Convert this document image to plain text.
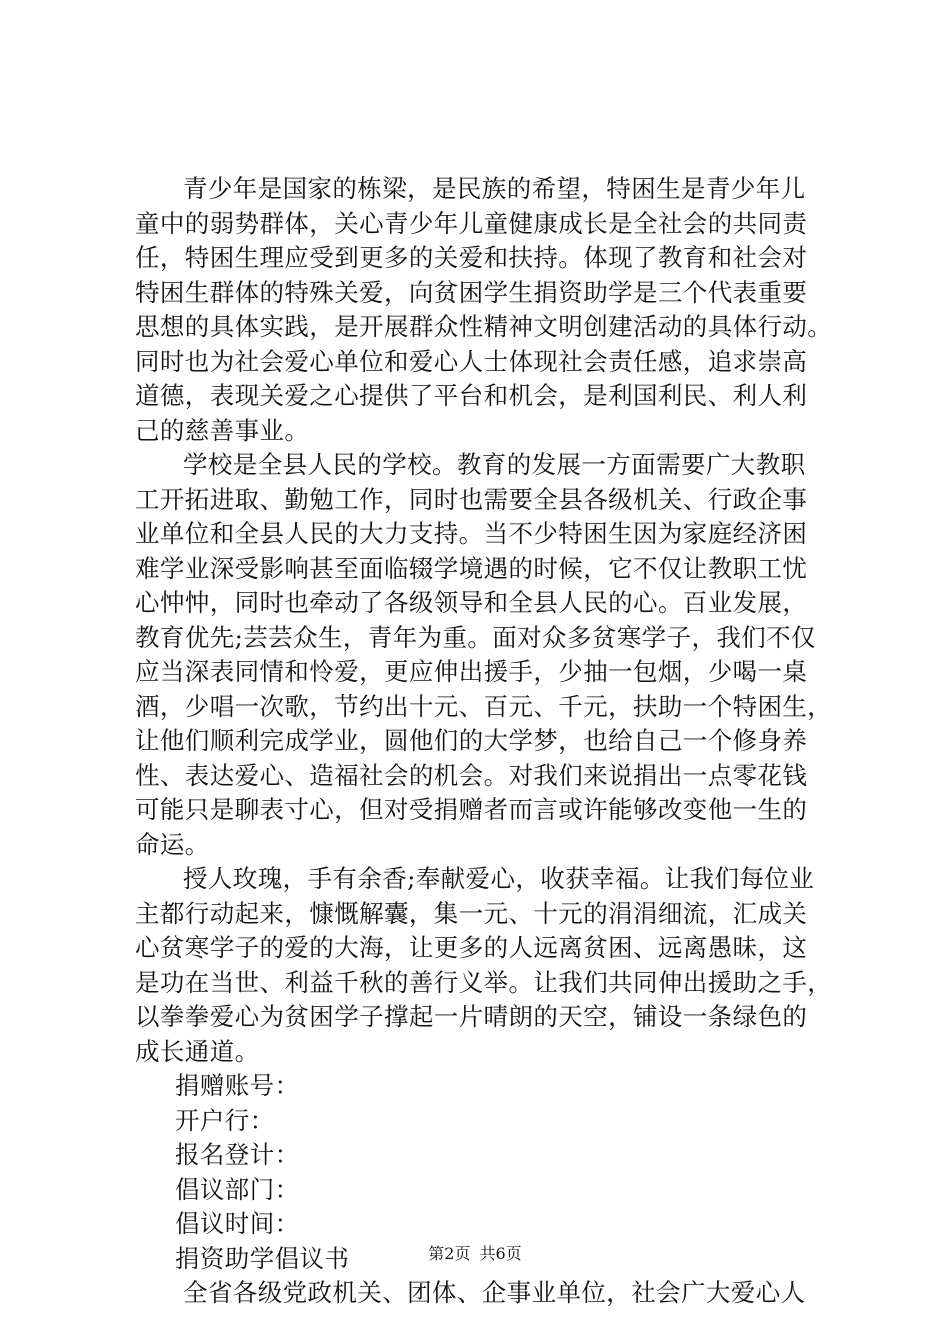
青少年是国家的栋梁，是民族的希望，特困生是青少年儿
童中的弱势群体，关心青少年儿童健康成长是全社会的共同责
任，特困生理应受到更多的关爱和扶持。体现了教育和社会对
特困生群体的特殊关爱，向贫困学生捐资助学是三个代表重要
思想的具体实践，是开展群众性精神文明创建活动的具体行动。
同时也为社会爱心单位和爱心人士体现社会责任感，追求崇高
道德，表现关爱之心提供了平台和机会，是利国利民、利人利
己的慈善事业。
学校是全县人民的学校。教育的发展一方面需要广大教职
工开拓进取、勤勉工作，同时也需要全县各级机关、行政企事
业单位和全县人民的大力支持。当不少特困生因为家庭经济困
难学业深受影响甚至面临辍学境遇的时候，它不仅让教职工忧
心忡忡，同时也牵动了各级领导和全县人民的心。百业发展，
教育优先;芸芸众生，青年为重。面对众多贫寒学子，我们不仅
应当深表同情和怜爱，更应伸出援手，少抽一包烟，少喝一桌
酒，少唱一次歌，节约出十元、百元、千元，扶助一个特困生，
让他们顺利完成学业，圆他们的大学梦，也给自己一个修身养
性、表达爱心、造福社会的机会。对我们来说捐出一点零花钱
可能只是聊表寸心，但对受捐赠者而言或许能够改变他一生的
命运。
授人玫瑰，手有余香;奉献爱心，收获幸福。让我们每位业
主都行动起来，慷慨解囊，集一元、十元的涓涓细流，汇成关
心贫寒学子的爱的大海，让更多的人远离贫困、远离愚昧，这
是功在当世、利益千秋的善行义举。让我们共同伸出援助之手，
以拳拳爱心为贫困学子撑起一片晴朗的天空，铺设一条绿色的
成长通道。
捐赠账号：
开户行：
报名登计：
倡议部门：
倡议时间：
捐资助学倡议书
全省各级党政机关、团体、企事业单位，社会广大爱心人
第2页 共6页
